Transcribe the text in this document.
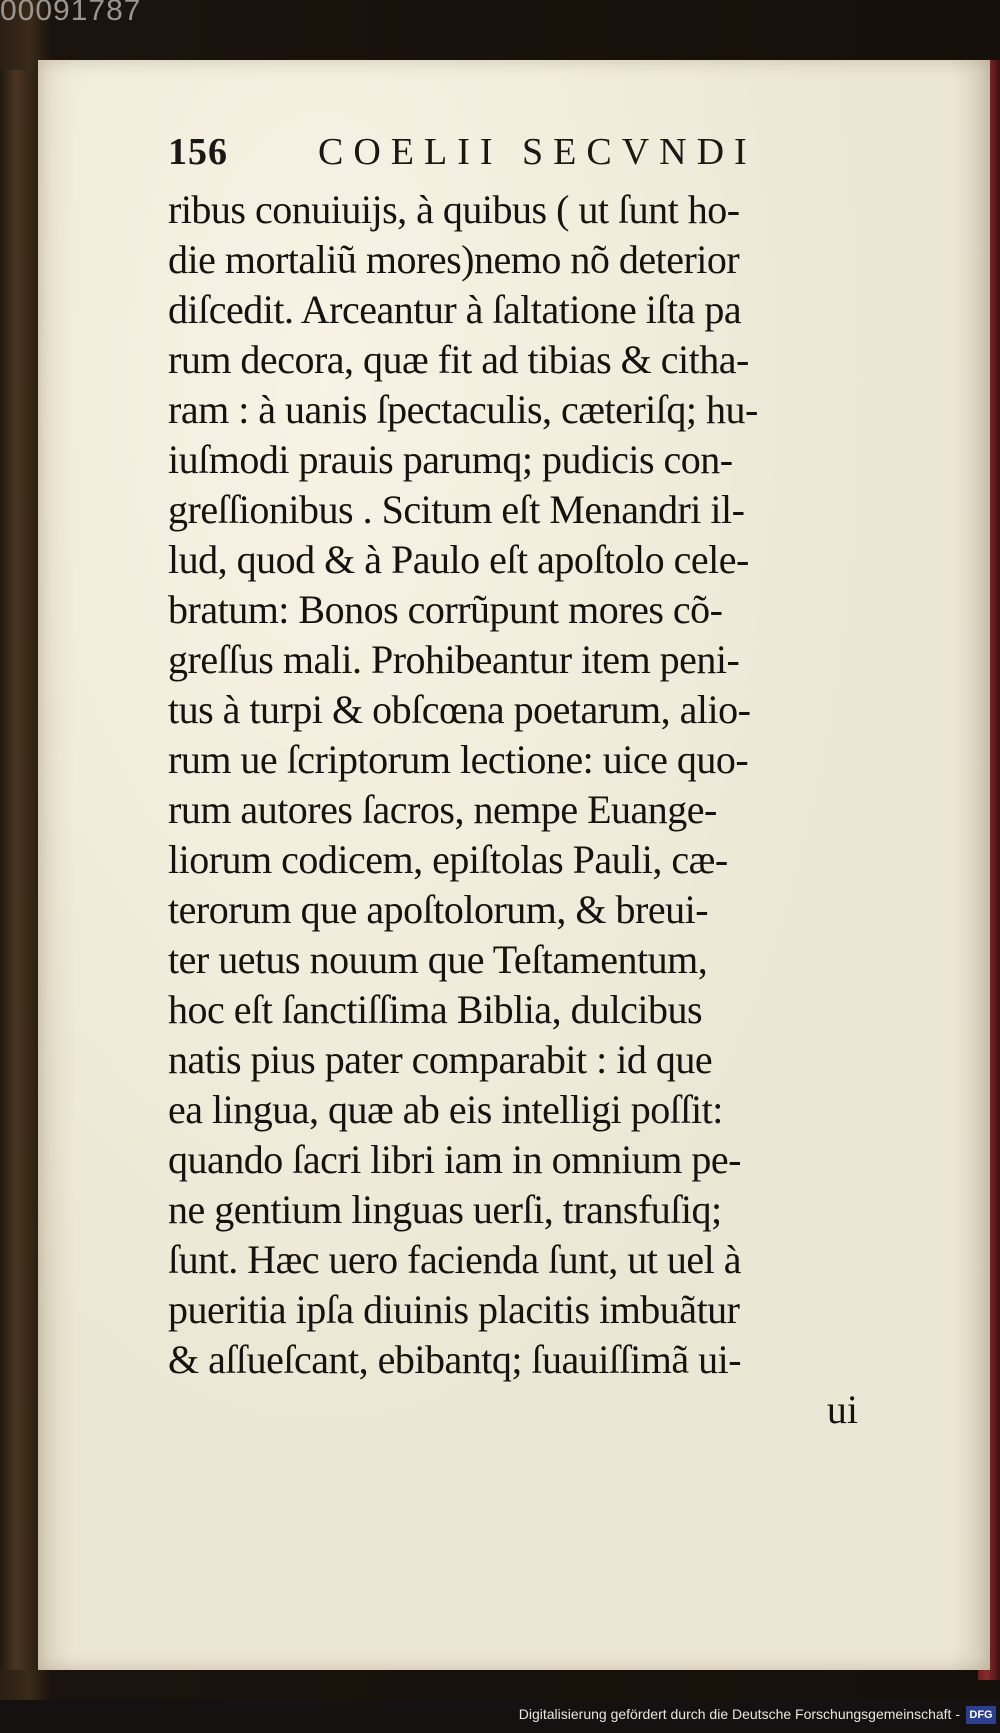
00091787
156 COELII SECVNDI
ribus conuiuijs, à quibus ( ut ſunt ho-
die mortaliũ mores)nemo nõ deterior
diſcedit. Arceantur à ſaltatione iſta pa
rum decora, quæ fit ad tibias & citha-
ram : à uanis ſpectaculis, cæteriſq; hu-
iuſmodi prauis parumq; pudicis con-
greſſionibus . Scitum eſt Menandri il-
lud, quod & à Paulo eſt apoſtolo cele-
bratum: Bonos corrũpunt mores cõ-
greſſus mali. Prohibeantur item peni-
tus à turpi & obſcœna poetarum, alio-
rum ue ſcriptorum lectione: uice quo-
rum autores ſacros, nempe Euange-
liorum codicem, epiſtolas Pauli, cæ-
terorum que apoſtolorum, & breui-
ter uetus nouum que Teſtamentum,
hoc eſt ſanctiſſima Biblia, dulcibus
natis pius pater comparabit : id que
ea lingua, quæ ab eis intelligi poſſit:
quando ſacri libri iam in omnium pe-
ne gentium linguas uerſi, transfuſiq;
ſunt. Hæc uero facienda ſunt, ut uel à
pueritia ipſa diuinis placitis imbuãtur
& aſſueſcant, ebibantq; ſuauiſſimã ui-
ui
Digitalisierung gefördert durch die Deutsche Forschungsgemeinschaft - DFG
